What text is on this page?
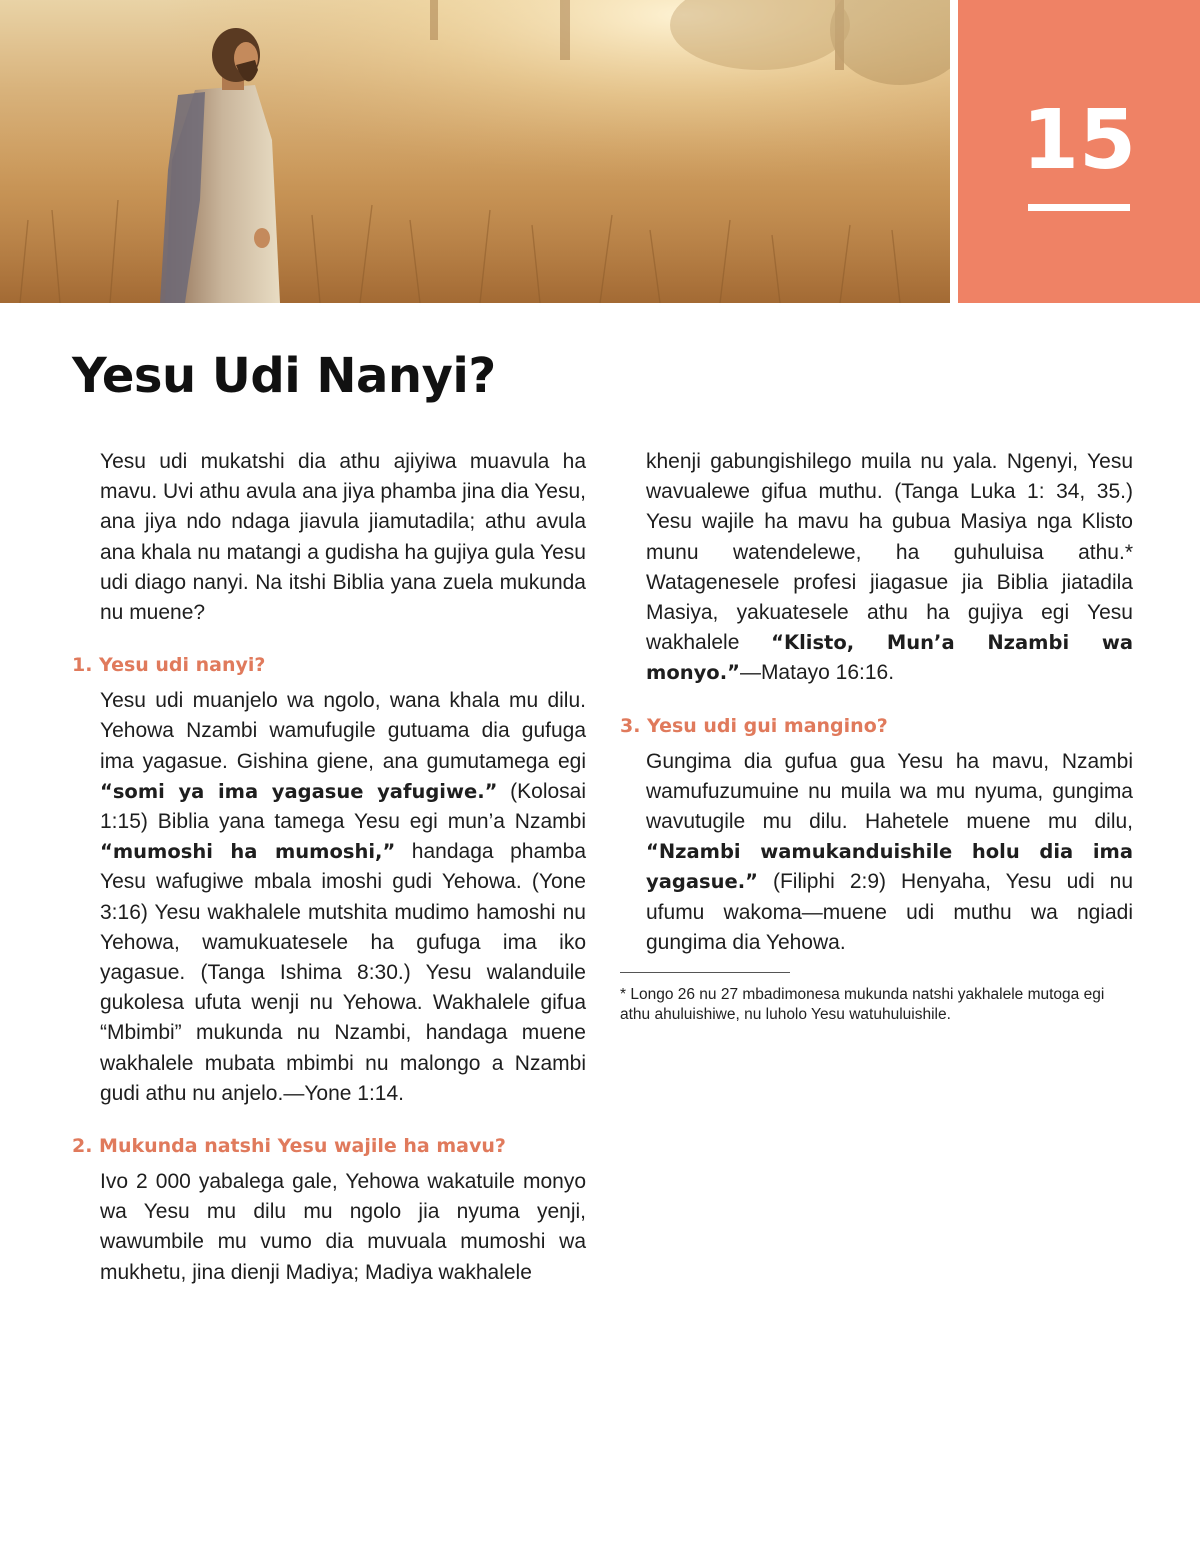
15
Yesu Udi Nanyi?

Yesu udi mukatshi dia athu ajiyiwa muavula ha mavu. Uvi athu avula ana jiya phamba jina dia Yesu, ana jiya ndo ndaga jiavula jiamutadila; athu avula ana khala nu matangi a gudisha ha gujiya gula Yesu udi diago nanyi. Na itshi Biblia yana zuela mukunda nu muene?

1. Yesu udi nanyi?

Yesu udi muanjelo wa ngolo, wana khala mu dilu. Yehowa Nzambi wamufugile gutuama dia gufuga ima yagasue. Gishina giene, ana gumutamega egi “somi ya ima yagasue yafugiwe.” (Kolosai 1:15) Biblia yana tamega Yesu egi mun’a Nzambi “mumoshi ha mumoshi,” handaga phamba Yesu wafugiwe mbala imoshi gudi Yehowa. (Yone 3:16) Yesu wakhalele mutshita mudimo hamoshi nu Yehowa, wamukuatesele ha gufuga ima iko yagasue. (Tanga Ishima 8:30.) Yesu walanduile gukolesa ufuta wenji nu Yehowa. Wakhalele gifua “Mbimbi” mukunda nu Nzambi, handaga muene wakhalele mubata mbimbi nu malongo a Nzambi gudi athu nu anjelo.—Yone 1:14.

2. Mukunda natshi Yesu wajile ha mavu?

Ivo 2 000 yabalega gale, Yehowa wakatuile monyo wa Yesu mu dilu mu ngolo jia nyuma yenji, wawumbile mu vumo dia muvuala mumoshi wa mukhetu, jina dienji Madiya; Madiya wakhalele

khenji gabungishilego muila nu yala. Ngenyi, Yesu wavualewe gifua muthu. (Tanga Luka 1: 34, 35.) Yesu wajile ha mavu ha gubua Masiya nga Klisto munu watendelewe, ha guhuluisa athu.* Watagenesele profesi jiagasue jia Biblia jiatadila Masiya, yakuatesele athu ha gujiya egi Yesu wakhalele “Klisto, Mun’a Nzambi wa monyo.”—Matayo 16:16.

3. Yesu udi gui mangino?

Gungima dia gufua gua Yesu ha mavu, Nzambi wamufuzumuine nu muila wa mu nyuma, gungima wavutugile mu dilu. Hahetele muene mu dilu, “Nzambi wamukanduishile holu dia ima yagasue.” (Filiphi 2:9) Henyaha, Yesu udi nu ufumu wakoma—muene udi muthu wa ngiadi gungima dia Yehowa.

* Longo 26 nu 27 mbadimonesa mukunda natshi yakhalele mutoga egi athu ahuluishiwe, nu luholo Yesu watuhuluishile.
